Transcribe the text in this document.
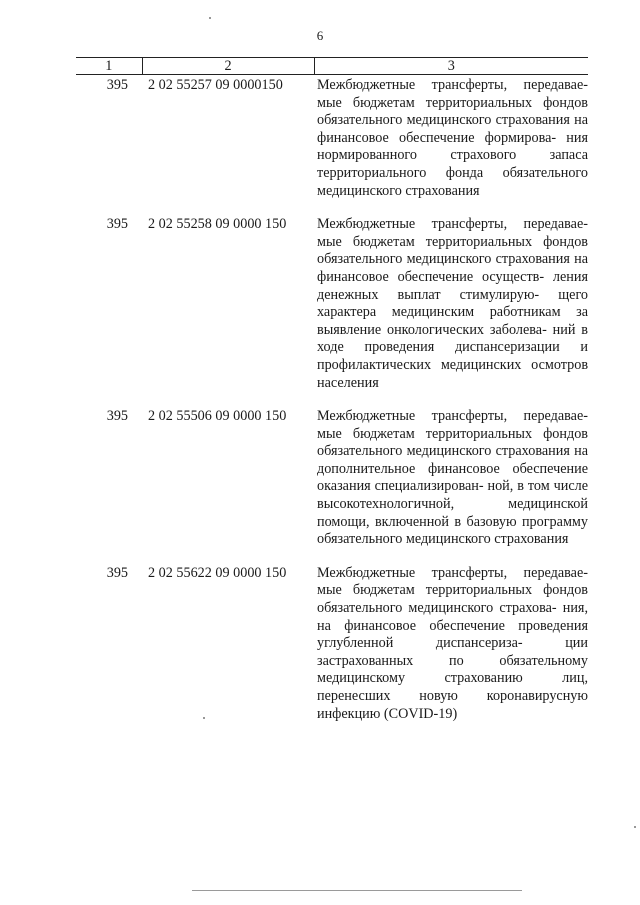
6
1	2	3
395	2 02 55257 09 0000150	Межбюджетные трансферты, передавае- мые бюджетам территориальных фондов обязательного медицинского страхования на финансовое обеспечение формирова- ния нормированного страхового запаса территориального фонда обязательного медицинского страхования
395	2 02 55258 09 0000 150	Межбюджетные трансферты, передавае- мые бюджетам территориальных фондов обязательного медицинского страхования на финансовое обеспечение осуществ- ления денежных выплат стимулирую- щего характера медицинским работникам за выявление онкологических заболева- ний в ходе проведения диспансеризации и профилактических медицинских осмотров населения
395	2 02 55506 09 0000 150	Межбюджетные трансферты, передавае- мые бюджетам территориальных фондов обязательного медицинского страхования на дополнительное финансовое обеспечение оказания специализирован- ной, в том числе высокотехнологичной, медицинской помощи, включенной в базовую программу обязательного медицинского страхования
395	2 02 55622 09 0000 150	Межбюджетные трансферты, передавае- мые бюджетам территориальных фондов обязательного медицинского страхова- ния, на финансовое обеспечение проведения углубленной диспансериза- ции застрахованных по обязательному медицинскому страхованию лиц, перенесших новую коронавирусную инфекцию (COVID-19)
